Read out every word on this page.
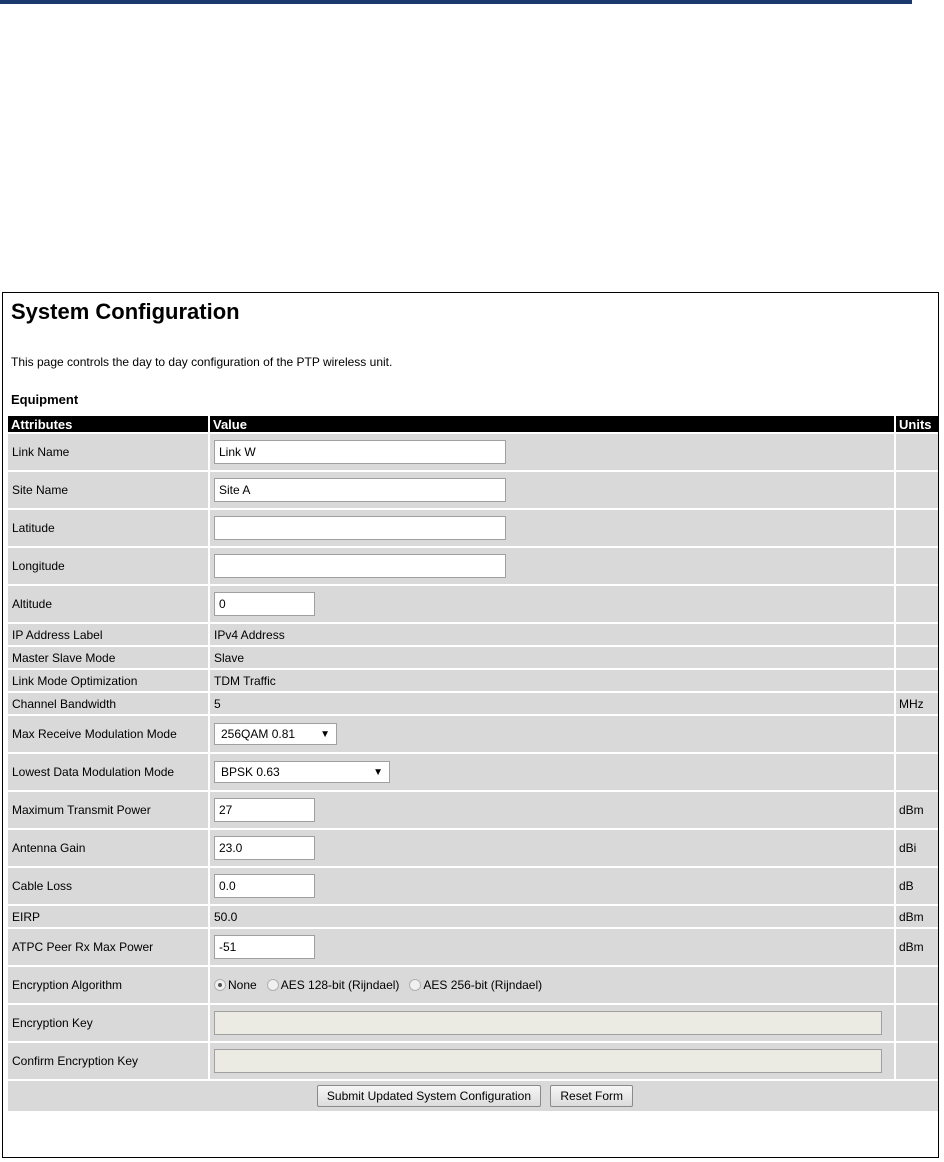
System Configuration
This page controls the day to day configuration of the PTP wireless unit.
Equipment
Attributes	Value	Units
Link Name	Link W	
Site Name	Site A	
Latitude		
Longitude		
Altitude	0	
IP Address Label	IPv4 Address	
Master Slave Mode	Slave	
Link Mode Optimization	TDM Traffic	
Channel Bandwidth	5	MHz
Max Receive Modulation Mode	256QAM 0.81 ▼	

Lowest Data Modulation Mode	BPSK 0.63 ▼	

Maximum Transmit Power	27	dBm
Antenna Gain	23.0	dBi
Cable Loss	0.0	dB
EIRP	50.0	dBm
ATPC Peer Rx Max Power	-51	dBm
Encryption Algorithm	None AES 128-bit (Rijndael) AES 256-bit (Rijndael)	

Encryption Key		
Confirm Encryption Key		
Submit Updated System Configuration Reset Form		
